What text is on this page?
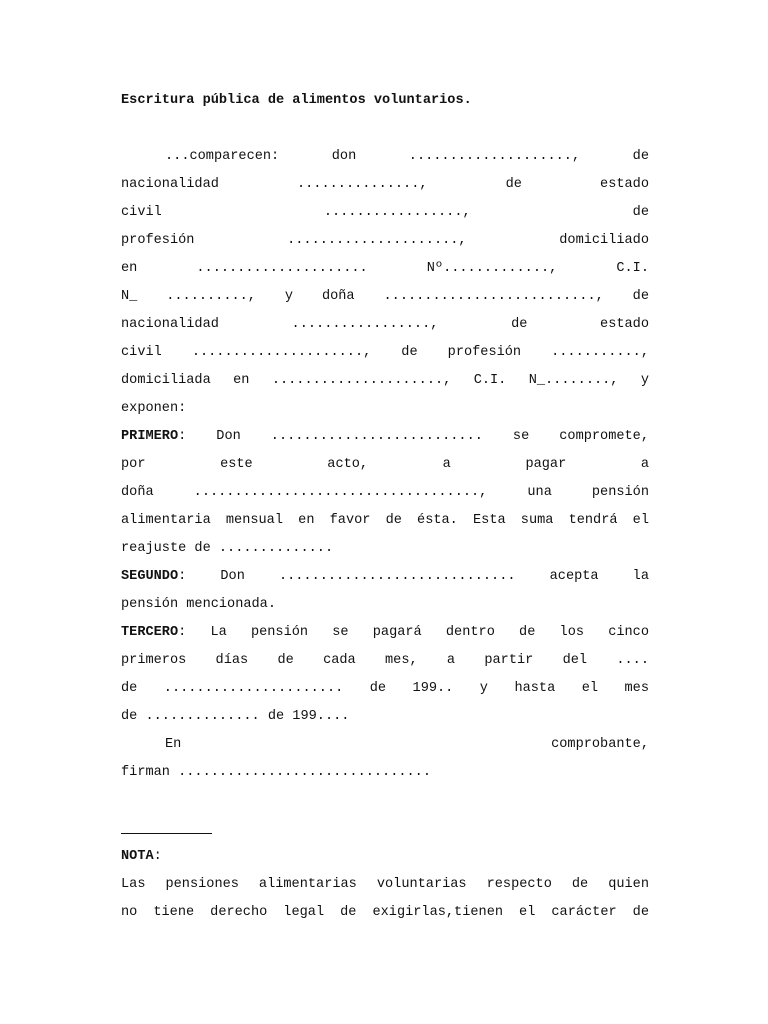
Escritura pública de alimentos voluntarios.
...comparecen: don ...................., de
nacionalidad ..............., de estado
civil ................., de
profesión ....................., domiciliado
en ..................... Nº............., C.I.
N_ .........., y doña .........................., de
nacionalidad ................., de estado
civil ....................., de profesión ...........,
domiciliada en ....................., C.I. N_........, y
exponen:
PRIMERO: Don .......................... se compromete,
por este acto, a pagar a
doña ..................................., una pensión
alimentaria mensual en favor de ésta. Esta suma tendrá el
reajuste de ..............
SEGUNDO: Don ............................. acepta la
pensión mencionada.
TERCERO: La pensión se pagará dentro de los cinco
primeros días de cada mes, a partir del ....
de ...................... de 199.. y hasta el mes
de .............. de 199....
En comprobante,
firman ...............................
NOTA:
Las pensiones alimentarias voluntarias respecto de quien
no tiene derecho legal de exigirlas,tienen el carácter de
